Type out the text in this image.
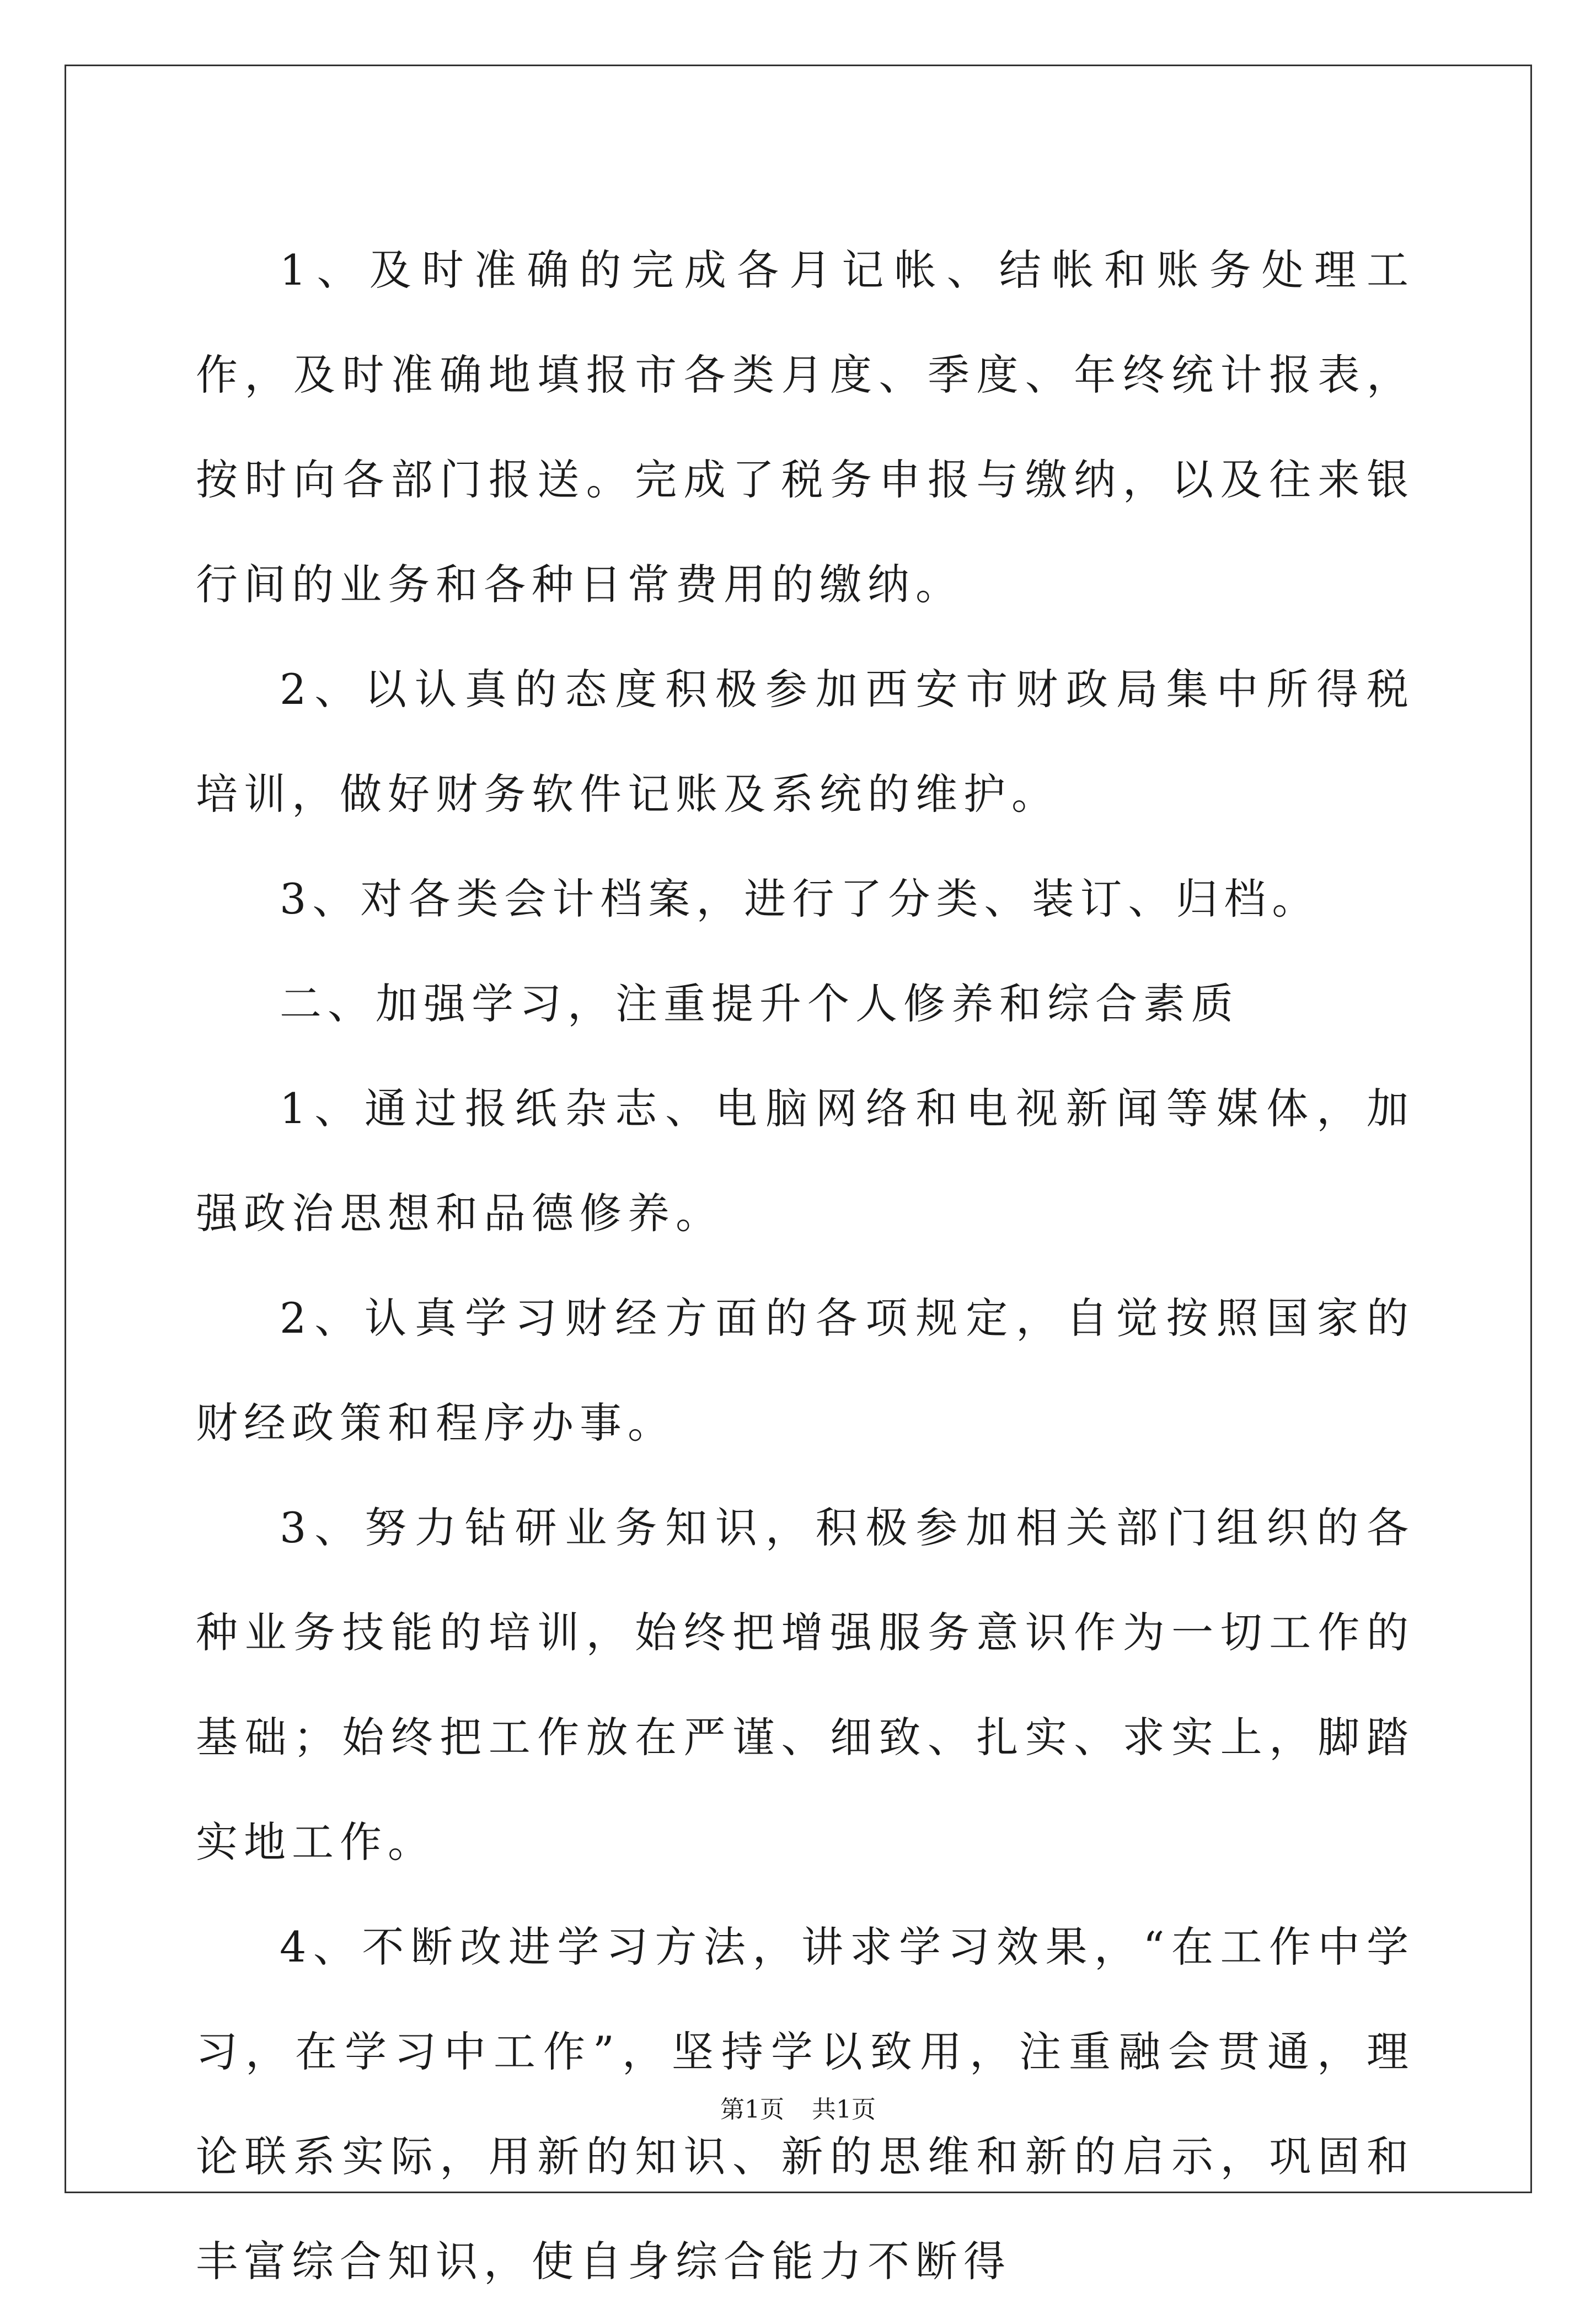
1、及时准确的完成各月记帐、结帐和账务处理工作，及时准确地填报市各类月度、季度、年终统计报表，按时向各部门报送。完成了税务申报与缴纳，以及往来银行间的业务和各种日常费用的缴纳。

2、以认真的态度积极参加西安市财政局集中所得税培训，做好财务软件记账及系统的维护。

3、对各类会计档案，进行了分类、装订、归档。

二、加强学习，注重提升个人修养和综合素质

1、通过报纸杂志、电脑网络和电视新闻等媒体，加强政治思想和品德修养。

2、认真学习财经方面的各项规定，自觉按照国家的财经政策和程序办事。

3、努力钻研业务知识，积极参加相关部门组织的各种业务技能的培训，始终把增强服务意识作为一切工作的基础；始终把工作放在严谨、细致、扎实、求实上，脚踏实地工作。

4、不断改进学习方法，讲求学习效果，“在工作中学习，在学习中工作”，坚持学以致用，注重融会贯通，理论联系实际，用新的知识、新的思维和新的启示，巩固和丰富综合知识，使自身综合能力不断得

第1页 共1页
